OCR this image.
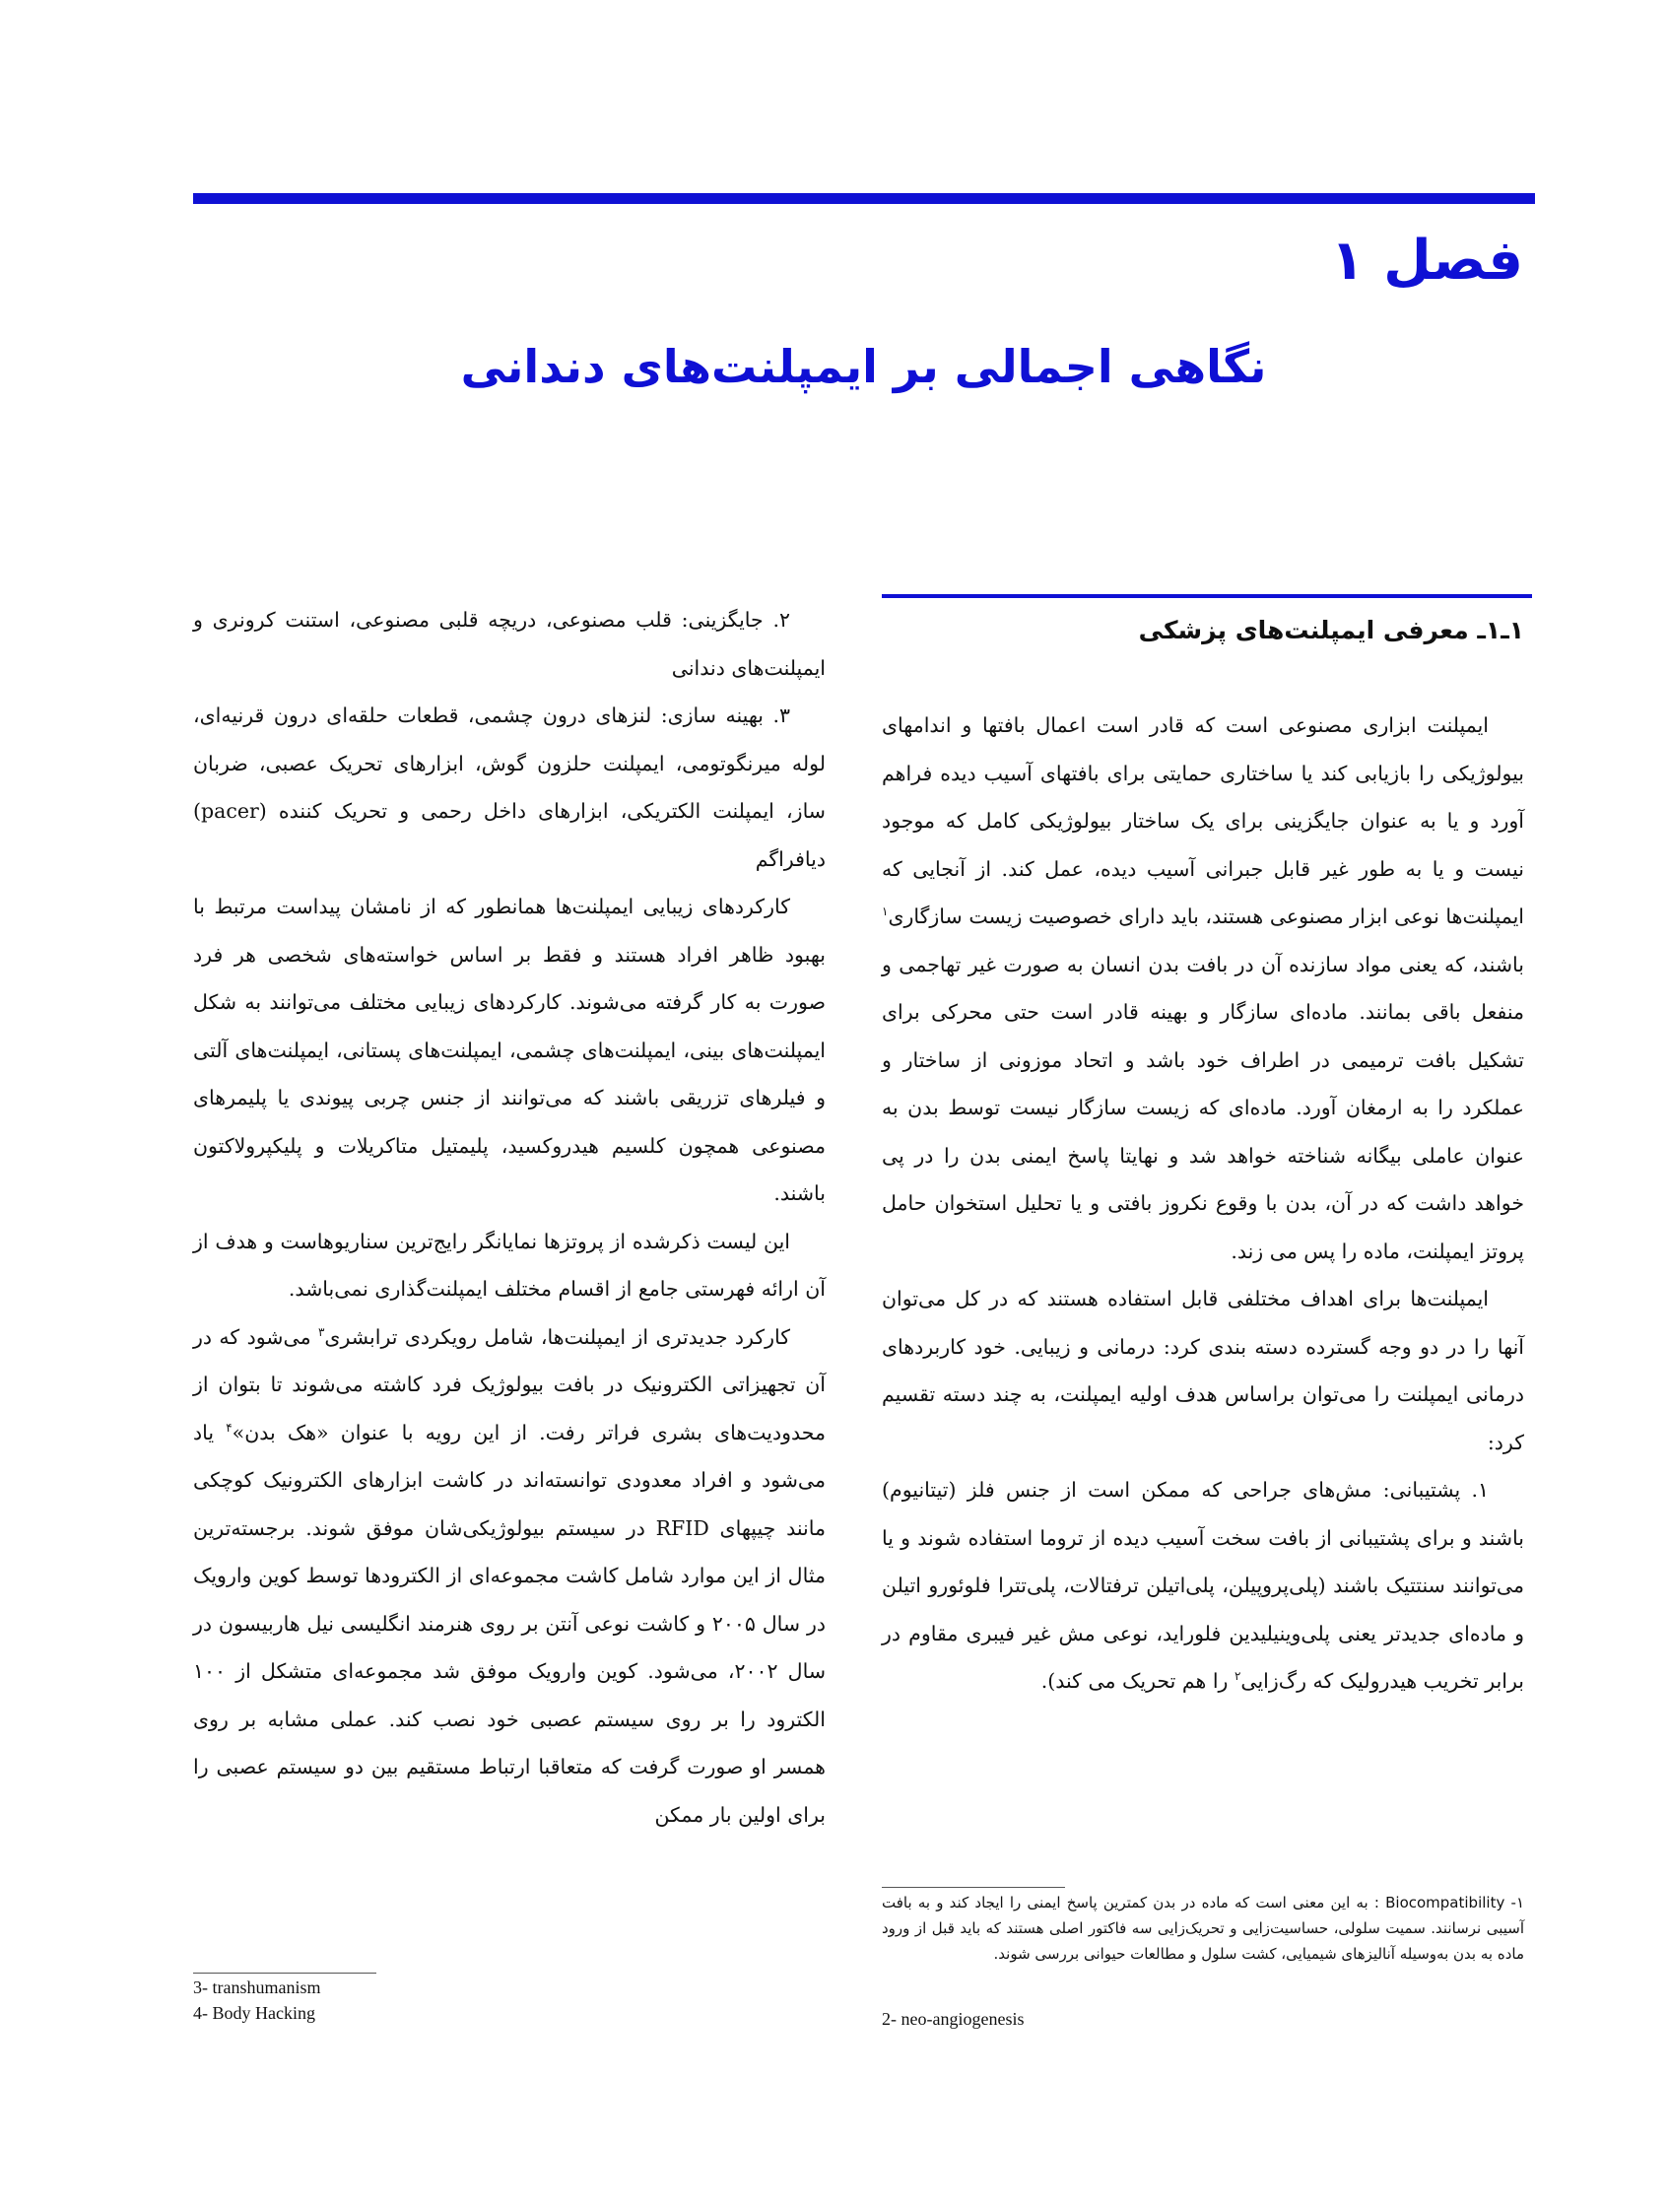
فصل ۱
نگاهی اجمالی بر ایمپلنت‌های دندانی
۱ـ۱ـ معرفی ایمپلنت‌های پزشکی

ایمپلنت ابزاری مصنوعی است که قادر است اعمال بافتها و اندامهای بیولوژیکی را بازیابی کند یا ساختاری حمایتی برای بافتهای آسیب دیده فراهم آورد و یا به عنوان جایگزینی برای یک ساختار بیولوژیکی کامل که موجود نیست و یا به طور غیر قابل جبرانی آسیب دیده، عمل کند. از آنجایی که ایمپلنت‌ها نوعی ابزار مصنوعی هستند، باید دارای خصوصیت زیست سازگاری$^۱$ باشند، که یعنی مواد سازنده آن در بافت بدن انسان به صورت غیر تهاجمی و منفعل باقی بمانند. ماده‌ای سازگار و بهینه قادر است حتی محرکی برای تشکیل بافت ترمیمی در اطراف خود باشد و اتحاد موزونی از ساختار و عملکرد را به ارمغان آورد. ماده‌ای که زیست سازگار نیست توسط بدن به عنوان عاملی بیگانه شناخته خواهد شد و نهایتا پاسخ ایمنی بدن را در پی خواهد داشت که در آن، بدن با وقوع نکروز بافتی و یا تحلیل استخوان حامل پروتز ایمپلنت، ماده را پس می زند.

ایمپلنت‌ها برای اهداف مختلفی قابل استفاده هستند که در کل می‌توان آنها را در دو وجه گسترده دسته بندی کرد: درمانی و زیبایی. خود کاربردهای درمانی ایمپلنت را می‌توان براساس هدف اولیه ایمپلنت، به چند دسته تقسیم کرد:

۱. پشتیبانی: مش‌های جراحی که ممکن است از جنس فلز (تیتانیوم) باشند و برای پشتیبانی از بافت سخت آسیب دیده از تروما استفاده شوند و یا می‌توانند سنتتیک باشند (پلی‌پروپیلن، پلی‌اتیلن ترفتالات، پلی‌تترا فلوئورو اتیلن و ماده‌ای جدیدتر یعنی پلی‌وینیلیدین فلوراید، نوعی مش غیر فیبری مقاوم در برابر تخریب هیدرولیک که رگ‌زایی$^۲$ را هم تحریک می کند).

۲. جایگزینی: قلب مصنوعی، دریچه قلبی مصنوعی، استنت کرونری و ایمپلنت‌های دندانی

۳. بهینه سازی: لنزهای درون چشمی، قطعات حلقه‌ای درون قرنیه‌ای، لوله میرنگوتومی، ایمپلنت حلزون گوش، ابزارهای تحریک عصبی، ضربان ساز، ایمپلنت الکتریکی، ابزارهای داخل رحمی و تحریک کننده (pacer) دیافراگم

کارکردهای زیبایی ایمپلنت‌ها همانطور که از نامشان پیداست مرتبط با بهبود ظاهر افراد هستند و فقط بر اساس خواسته‌های شخصی هر فرد صورت به کار گرفته می‌شوند. کارکردهای زیبایی مختلف می‌توانند به شکل ایمپلنت‌های بینی، ایمپلنت‌های چشمی، ایمپلنت‌های پستانی، ایمپلنت‌های آلتی و فیلرهای تزریقی باشند که می‌توانند از جنس چربی پیوندی یا پلیمرهای مصنوعی همچون کلسیم هیدروکسید، پلیمتیل متاکریلات و پلیکپرولاکتون باشند.

این لیست ذکرشده از پروتزها نمایانگر رایج‌ترین سناریوهاست و هدف از آن ارائه فهرستی جامع از اقسام مختلف ایمپلنت‌گذاری نمی‌باشد.

کارکرد جدیدتری از ایمپلنت‌ها، شامل رویکردی ترابشری$^۳$ می‌شود که در آن تجهیزاتی الکترونیک در بافت بیولوژیک فرد کاشته می‌شوند تا بتوان از محدودیت‌های بشری فراتر رفت. از این رویه با عنوان «هک بدن»$^۴$ یاد می‌شود و افراد معدودی توانسته‌اند در کاشت ابزارهای الکترونیک کوچکی مانند چیپهای RFID در سیستم بیولوژیکی‌شان موفق شوند. برجسته‌ترین مثال از این موارد شامل کاشت مجموعه‌ای از الکترودها توسط کوین وارویک در سال ۲۰۰۵ و کاشت نوعی آنتن بر روی هنرمند انگلیسی نیل هاربیسون در سال ۲۰۰۲، می‌شود. کوین وارویک موفق شد مجموعه‌ای متشکل از ۱۰۰ الکترود را بر روی سیستم عصبی خود نصب کند. عملی مشابه بر روی همسر او صورت گرفت که متعاقبا ارتباط مستقیم بین دو سیستم عصبی را برای اولین بار ممکن

3- transhumanism
4- Body Hacking
۱- Biocompatibility : به این معنی است که ماده در بدن کمترین پاسخ ایمنی را ایجاد کند و به بافت آسیبی نرسانند. سمیت سلولی، حساسیت‌زایی و تحریک‌زایی سه فاکتور اصلی هستند که باید قبل از ورود ماده به بدن به‌وسیله آنالیزهای شیمیایی، کشت سلول و مطالعات حیوانی بررسی شوند.
2- neo-angiogenesis
